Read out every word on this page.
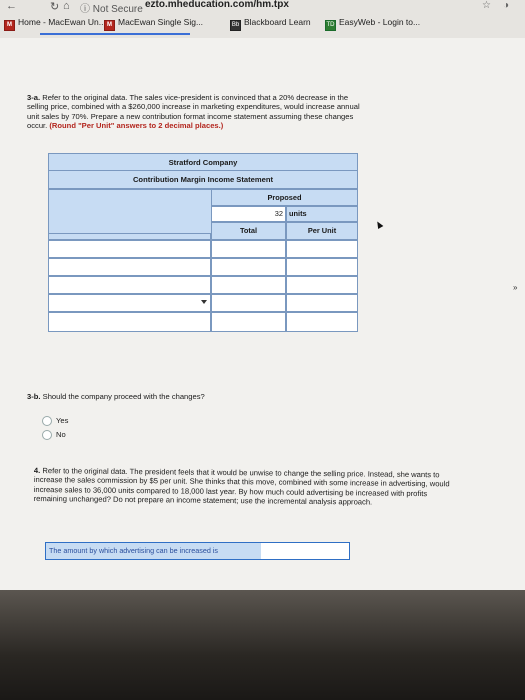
←	↻ ⌂ ⓘ Not Secure ezto.mheducation.com/hm.tpx	☆ ◑
M Home - MacEwan Un.. M MacEwan Single Sig...	Bb Blackboard Learn	TD EasyWeb - Login to...
3-a. Refer to the original data. The sales vice-president is convinced that a 20% decrease in the selling price, combined with a $260,000 increase in marketing expenditures, would increase annual unit sales by 70%. Prepare a new contribution format income statement assuming these changes occur. (Round "Per Unit" answers to 2 decimal places.)
Stratford Company
Contribution Margin Income Statement
Proposed
32 units
Total	Per Unit
3-b. Should the company proceed with the changes?
Yes
No
4. Refer to the original data. The president feels that it would be unwise to change the selling price. Instead, she wants to increase the sales commission by $5 per unit. She thinks that this move, combined with some increase in advertising, would increase sales to 36,000 units compared to 18,000 last year. By how much could advertising be increased with profits remaining unchanged? Do not prepare an income statement; use the incremental analysis approach.
The amount by which advertising can be increased is
»
